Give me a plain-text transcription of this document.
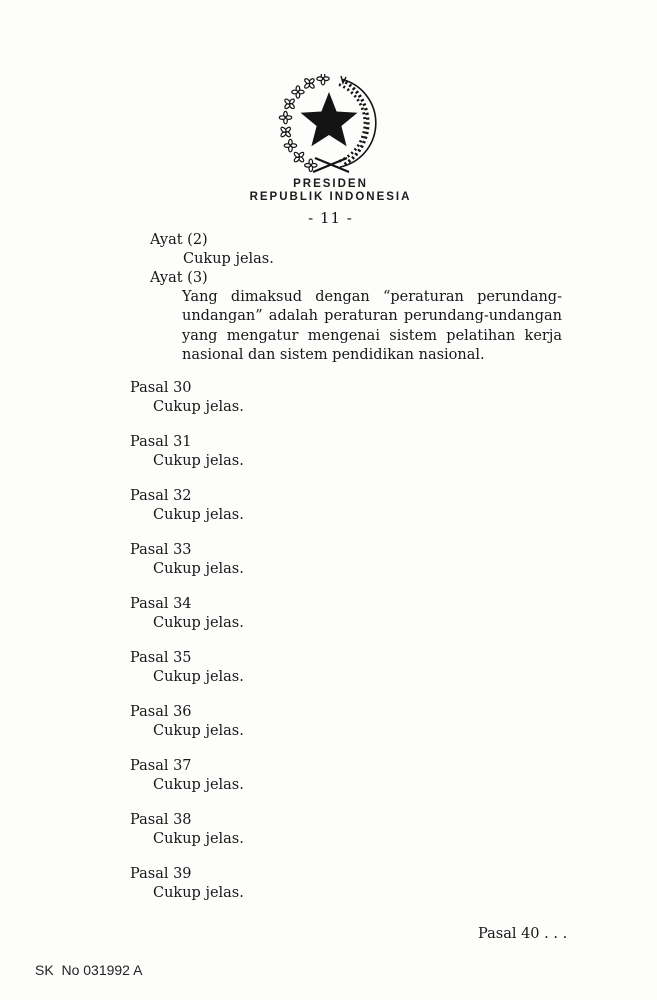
PRESIDEN
REPUBLIK INDONESIA
- 11 -
Ayat (2)
Cukup jelas.
Ayat (3)
Yang dimaksud dengan “peraturan perundang-undangan” adalah peraturan perundang-undangan yang mengatur mengenai sistem pelatihan kerja nasional dan sistem pendidikan nasional.
Pasal 30
Cukup jelas.
Pasal 31
Cukup jelas.
Pasal 32
Cukup jelas.
Pasal 33
Cukup jelas.
Pasal 34
Cukup jelas.
Pasal 35
Cukup jelas.
Pasal 36
Cukup jelas.
Pasal 37
Cukup jelas.
Pasal 38
Cukup jelas.
Pasal 39
Cukup jelas.
Pasal 40 . . .
SK  No 031992 A
